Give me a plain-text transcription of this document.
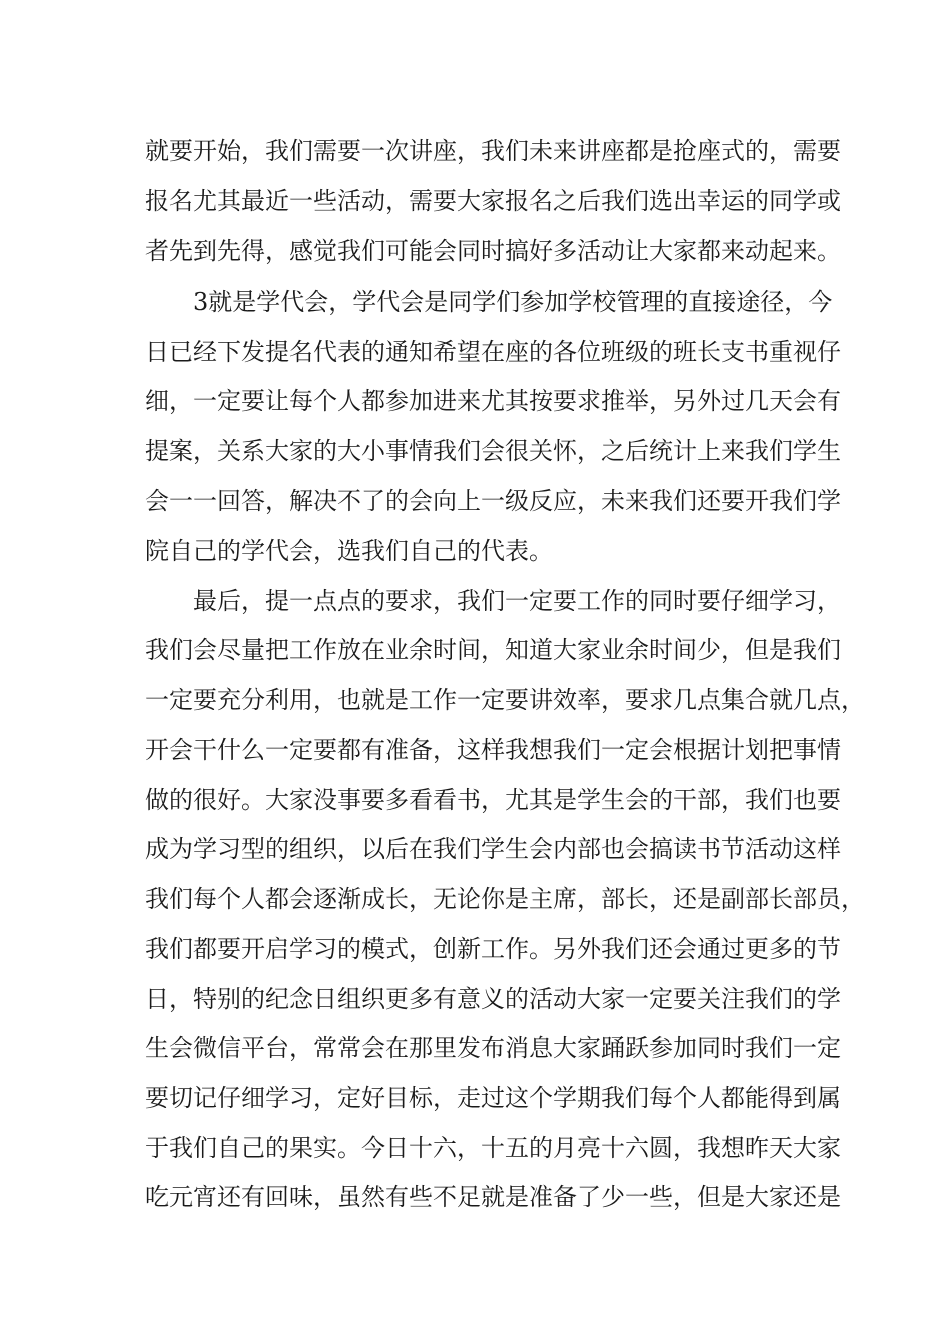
就要开始，我们需要一次讲座，我们未来讲座都是抢座式的，需要
报名尤其最近一些活动，需要大家报名之后我们选出幸运的同学或
者先到先得，感觉我们可能会同时搞好多活动让大家都来动起来。
3就是学代会，学代会是同学们参加学校管理的直接途径，今
日已经下发提名代表的通知希望在座的各位班级的班长支书重视仔
细，一定要让每个人都参加进来尤其按要求推举，另外过几天会有
提案，关系大家的大小事情我们会很关怀，之后统计上来我们学生
会一一回答，解决不了的会向上一级反应，未来我们还要开我们学
院自己的学代会，选我们自己的代表。
最后，提一点点的要求，我们一定要工作的同时要仔细学习，
我们会尽量把工作放在业余时间，知道大家业余时间少，但是我们
一定要充分利用，也就是工作一定要讲效率，要求几点集合就几点，
开会干什么一定要都有准备，这样我想我们一定会根据计划把事情
做的很好。大家没事要多看看书，尤其是学生会的干部，我们也要
成为学习型的组织，以后在我们学生会内部也会搞读书节活动这样
我们每个人都会逐渐成长，无论你是主席，部长，还是副部长部员，
我们都要开启学习的模式，创新工作。另外我们还会通过更多的节
日，特别的纪念日组织更多有意义的活动大家一定要关注我们的学
生会微信平台，常常会在那里发布消息大家踊跃参加同时我们一定
要切记仔细学习，定好目标，走过这个学期我们每个人都能得到属
于我们自己的果实。今日十六，十五的月亮十六圆，我想昨天大家
吃元宵还有回味，虽然有些不足就是准备了少一些，但是大家还是
